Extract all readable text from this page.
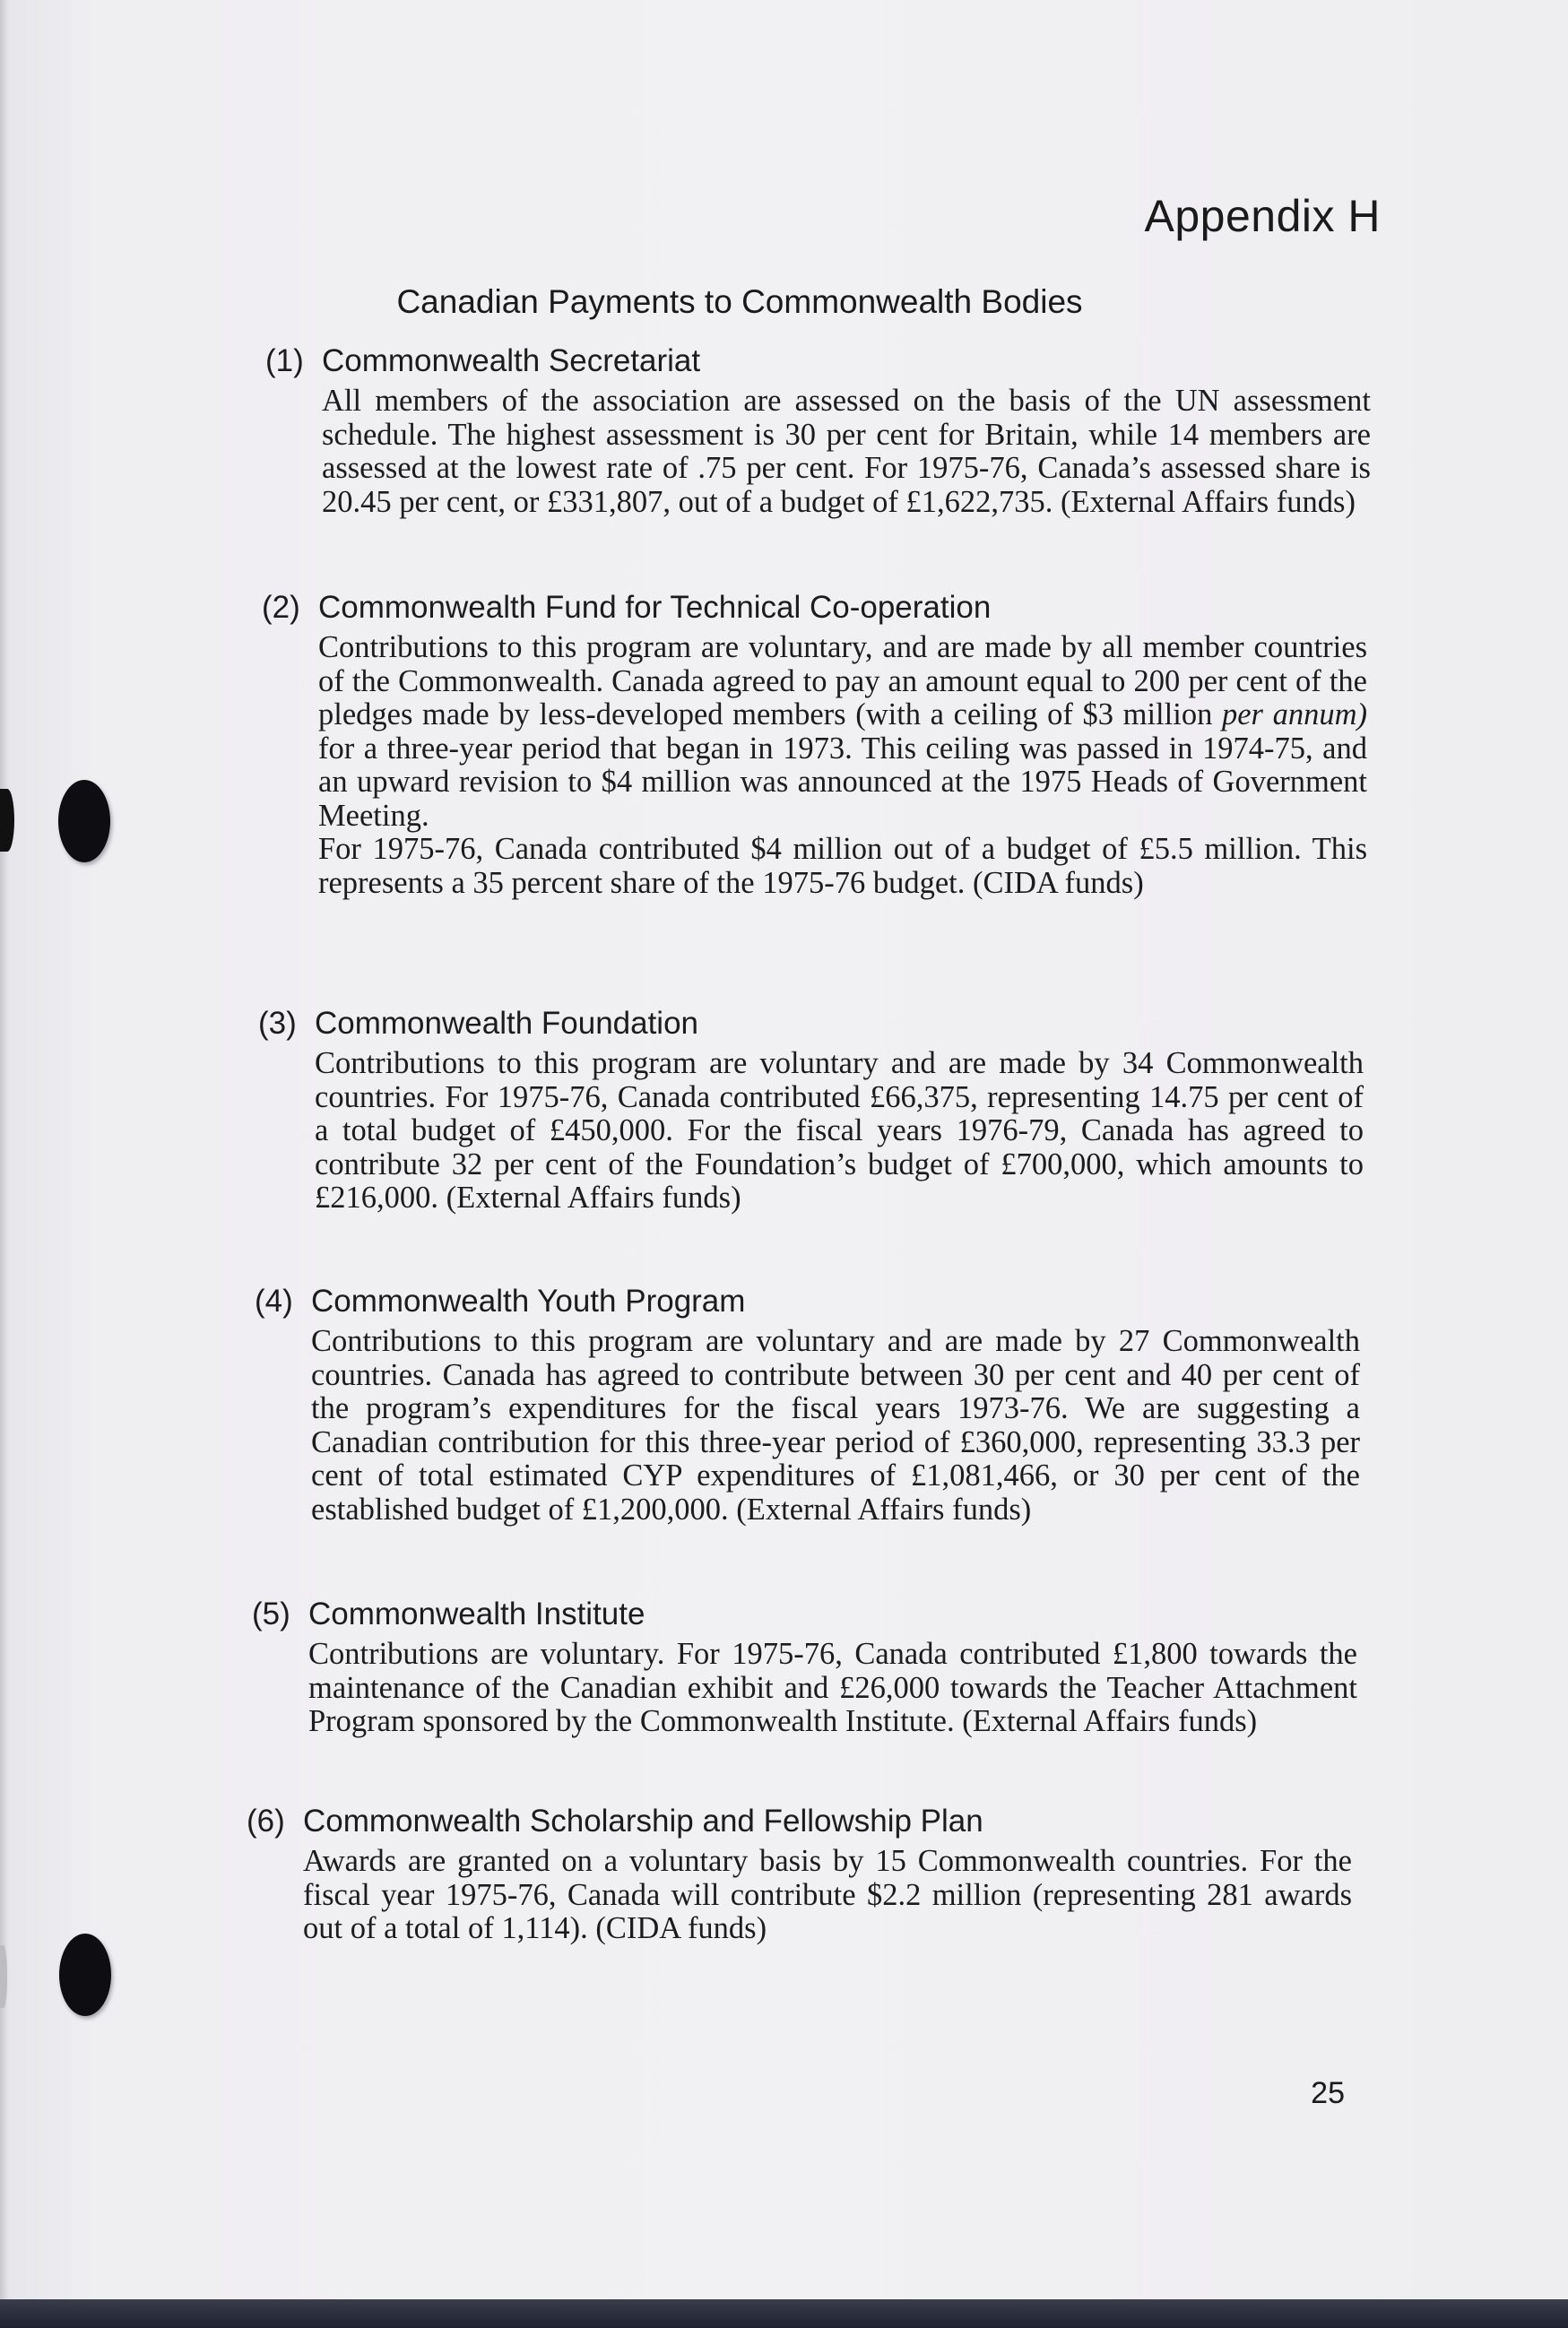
Appendix H
Canadian Payments to Commonwealth Bodies
(1) Commonwealth Secretariat

All members of the association are assessed on the basis of the UN assessment schedule. The highest assessment is 30 per cent for Britain, while 14 members are assessed at the lowest rate of .75 per cent. For 1975-76, Canada’s assessed share is 20.45 per cent, or £331,807, out of a budget of £1,622,735. (External Affairs funds)

(2) Commonwealth Fund for Technical Co-operation

Contributions to this program are voluntary, and are made by all member countries of the Commonwealth. Canada agreed to pay an amount equal to 200 per cent of the pledges made by less-developed members (with a ceiling of $3 million per annum) for a three-year period that began in 1973. This ceiling was passed in 1974-75, and an upward revision to $4 million was announced at the 1975 Heads of Government Meeting.

For 1975-76, Canada contributed $4 million out of a budget of £5.5 million. This represents a 35 percent share of the 1975-76 budget. (CIDA funds)

(3) Commonwealth Foundation

Contributions to this program are voluntary and are made by 34 Commonwealth countries. For 1975-76, Canada contributed £66,375, representing 14.75 per cent of a total budget of £450,000. For the fiscal years 1976-79, Canada has agreed to contribute 32 per cent of the Foundation’s budget of £700,000, which amounts to £216,000. (External Affairs funds)

(4) Commonwealth Youth Program

Contributions to this program are voluntary and are made by 27 Commonwealth countries. Canada has agreed to contribute between 30 per cent and 40 per cent of the program’s expenditures for the fiscal years 1973-76. We are suggesting a Canadian contribution for this three-year period of £360,000, representing 33.3 per cent of total estimated CYP expenditures of £1,081,466, or 30 per cent of the established budget of £1,200,000. (External Affairs funds)

(5) Commonwealth Institute

Contributions are voluntary. For 1975-76, Canada contributed £1,800 towards the maintenance of the Canadian exhibit and £26,000 towards the Teacher Attachment Program sponsored by the Commonwealth Institute. (External Affairs funds)

(6) Commonwealth Scholarship and Fellowship Plan

Awards are granted on a voluntary basis by 15 Commonwealth countries. For the fiscal year 1975-76, Canada will contribute $2.2 million (representing 281 awards out of a total of 1,114). (CIDA funds)

25
